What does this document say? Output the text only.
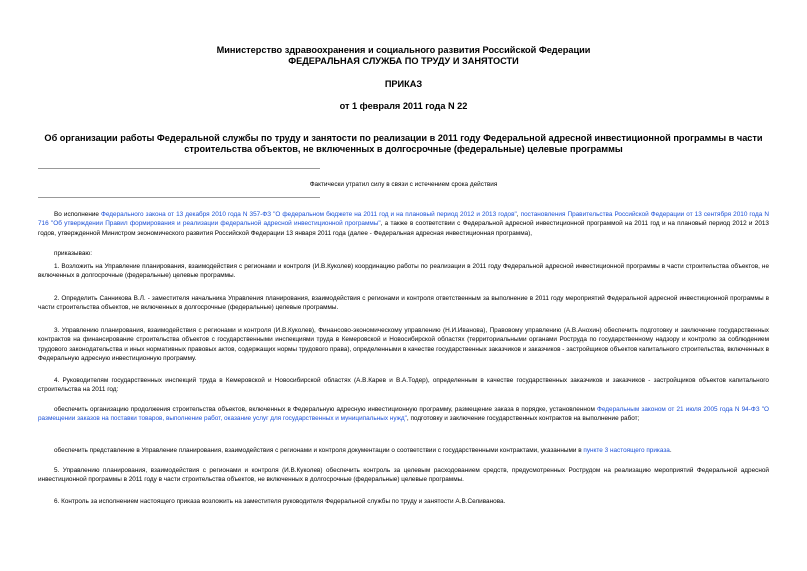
Министерство здравоохранения и социального развития Российской Федерации
ФЕДЕРАЛЬНАЯ СЛУЖБА ПО ТРУДУ И ЗАНЯТОСТИ
ПРИКАЗ
от 1 февраля 2011 года N 22
Об организации работы Федеральной службы по труду и занятости по реализации в 2011 году Федеральной адресной инвестиционной программы в части строительства объектов, не включенных в долгосрочные (федеральные) целевые программы
Фактически утратил силу в связи с истечением срока действия
Во исполнение Федерального закона от 13 декабря 2010 года N 357-ФЗ "О федеральном бюджете на 2011 год и на плановый период 2012 и 2013 годов", постановления Правительства Российской Федерации от 13 сентября 2010 года N 716 "Об утверждении Правил формирования и реализации федеральной адресной инвестиционной программы", а также в соответствии с Федеральной адресной инвестиционной программой на 2011 год и на плановый период 2012 и 2013 годов, утвержденной Министром экономического развития Российской Федерации 13 января 2011 года (далее - Федеральная адресная инвестиционная программа),
приказываю:
1. Возложить на Управление планирования, взаимодействия с регионами и контроля (И.В.Куколев) координацию работы по реализации в 2011 году Федеральной адресной инвестиционной программы в части строительства объектов, не включенных в долгосрочные (федеральные) целевые программы.
2. Определить Санникова В.Л. - заместителя начальника Управления планирования, взаимодействия с регионами и контроля ответственным за выполнение в 2011 году мероприятий Федеральной адресной инвестиционной программы в части строительства объектов, не включенных в долгосрочные (федеральные) целевые программы.
3. Управлению планирования, взаимодействия с регионами и контроля (И.В.Куколев), Финансово-экономическому управлению (Н.И.Иванова), Правовому управлению (А.В.Анохин) обеспечить подготовку и заключение государственных контрактов на финансирование строительства объектов с государственными инспекциями труда в Кемеровской и Новосибирской областях (территориальными органами Роструда по государственному надзору и контролю за соблюдением трудового законодательства и иных нормативных правовых актов, содержащих нормы трудового права), определенными в качестве государственных заказчиков и заказчиков - застройщиков объектов капитального строительства, включенных в Федеральную адресную инвестиционную программу.
4. Руководителям государственных инспекций труда в Кемеровской и Новосибирской областях (А.В.Карев и В.А.Тодер), определенным в качестве государственных заказчиков и заказчиков - застройщиков объектов капитального строительства на 2011 год:
обеспечить организацию продолжения строительства объектов, включенных в Федеральную адресную инвестиционную программу, размещение заказа в порядке, установленном Федеральным законом от 21 июля 2005 года N 94-ФЗ "О размещении заказов на поставки товаров, выполнение работ, оказание услуг для государственных и муниципальных нужд", подготовку и заключение государственных контрактов на выполнение работ;
обеспечить представление в Управление планирования, взаимодействия с регионами и контроля документации о соответствии с государственными контрактами, указанными в пункте 3 настоящего приказа.
5. Управлению планирования, взаимодействия с регионами и контроля (И.В.Куколев) обеспечить контроль за целевым расходованием средств, предусмотренных Рострудом на реализацию мероприятий Федеральной адресной инвестиционной программы в 2011 году в части строительства объектов, не включенных в долгосрочные (федеральные) целевые программы.
6. Контроль за исполнением настоящего приказа возложить на заместителя руководителя Федеральной службы по труду и занятости А.В.Селиванова.
